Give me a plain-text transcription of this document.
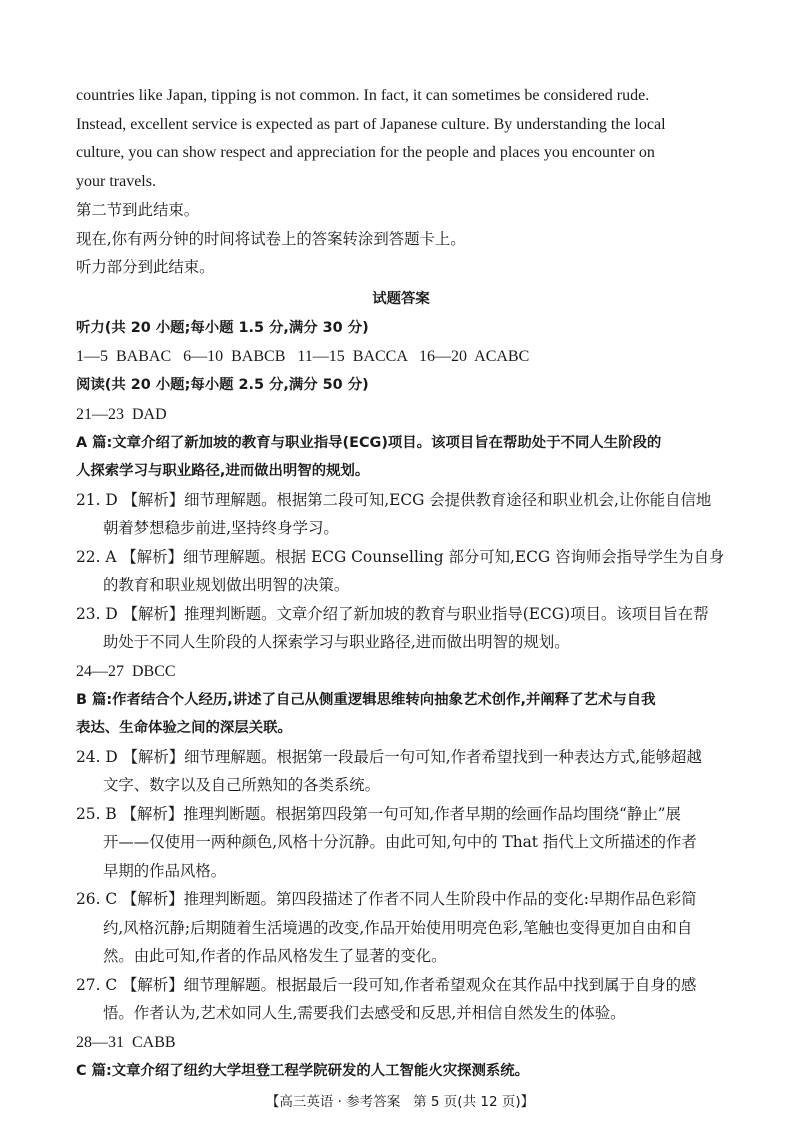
countries like Japan, tipping is not common. In fact, it can sometimes be considered rude.

Instead, excellent service is expected as part of Japanese culture. By understanding the local

culture, you can show respect and appreciation for the people and places you encounter on

your travels.

第二节到此结束。

现在,你有两分钟的时间将试卷上的答案转涂到答题卡上。

听力部分到此结束。

试题答案

听力(共 20 小题;每小题 1.5 分,满分 30 分)

1—5  BABAC   6—10  BABCB   11—15  BACCA   16—20  ACABC

阅读(共 20 小题;每小题 2.5 分,满分 50 分)

21—23  DAD

A 篇:文章介绍了新加坡的教育与职业指导(ECG)项目。该项目旨在帮助处于不同人生阶段的

人探索学习与职业路径,进而做出明智的规划。

21. D 【解析】细节理解题。根据第二段可知,ECG 会提供教育途径和职业机会,让你能自信地

朝着梦想稳步前进,坚持终身学习。

22. A 【解析】细节理解题。根据 ECG Counselling 部分可知,ECG 咨询师会指导学生为自身

的教育和职业规划做出明智的决策。

23. D 【解析】推理判断题。文章介绍了新加坡的教育与职业指导(ECG)项目。该项目旨在帮

助处于不同人生阶段的人探索学习与职业路径,进而做出明智的规划。

24—27  DBCC

B 篇:作者结合个人经历,讲述了自己从侧重逻辑思维转向抽象艺术创作,并阐释了艺术与自我

表达、生命体验之间的深层关联。

24. D 【解析】细节理解题。根据第一段最后一句可知,作者希望找到一种表达方式,能够超越

文字、数字以及自己所熟知的各类系统。

25. B 【解析】推理判断题。根据第四段第一句可知,作者早期的绘画作品均围绕“静止”展

开——仅使用一两种颜色,风格十分沉静。由此可知,句中的 That 指代上文所描述的作者

早期的作品风格。

26. C 【解析】推理判断题。第四段描述了作者不同人生阶段中作品的变化:早期作品色彩简

约,风格沉静;后期随着生活境遇的改变,作品开始使用明亮色彩,笔触也变得更加自由和自

然。由此可知,作者的作品风格发生了显著的变化。

27. C 【解析】细节理解题。根据最后一段可知,作者希望观众在其作品中找到属于自身的感

悟。作者认为,艺术如同人生,需要我们去感受和反思,并相信自然发生的体验。

28—31  CABB

C 篇:文章介绍了纽约大学坦登工程学院研发的人工智能火灾探测系统。

【高三英语 · 参考答案   第 5 页(共 12 页)】
